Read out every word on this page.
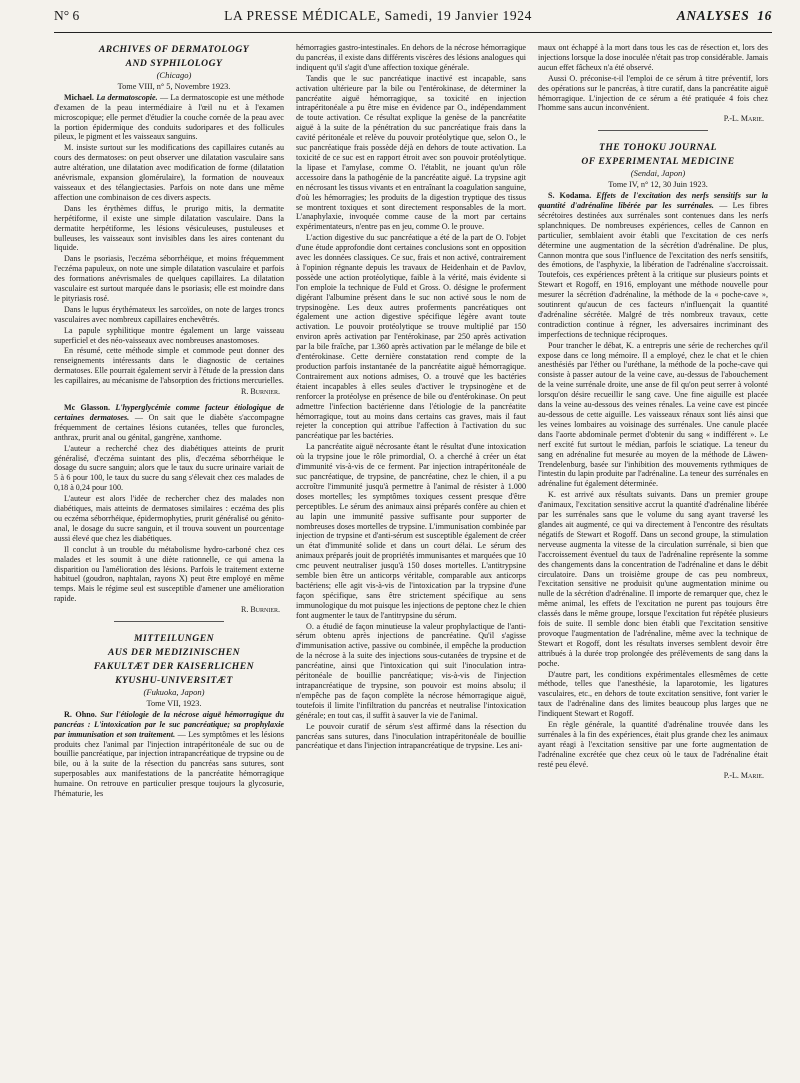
N° 6	LA PRESSE MÉDICALE, Samedi, 19 Janvier 1924	ANALYSES 16

ARCHIVES OF DERMATOLOGY

AND SYPHILOLOGY

(Chicago)

Tome VIII, n° 5, Novembre 1923.

Michael. La dermatoscopie. — La dermatoscopie est une méthode d'examen de la peau intermédiaire à l'œil nu et à l'examen microscopique; elle permet d'étudier la couche cornée de la peau avec la portion épidermique des conduits sudoripares et des follicules pileux, le pigment et les vaisseaux sanguins.

M. insiste surtout sur les modifications des capillaires cutanés au cours des dermatoses: on peut observer une dilatation vasculaire sans autre altération, une dilatation avec modification de forme (dilatation anévrismale, expansion glomérulaire), la formation de nouveaux vaisseaux et des télangiectasies. Parfois on note dans une même affection une combinaison de ces divers aspects.

Dans les érythèmes diffus, le prurigo mitis, la dermatite herpétiforme, il existe une simple dilatation vasculaire. Dans la dermatite herpétiforme, les lésions vésiculeuses, pustuleuses et bulleuses, les vaisseaux sont invisibles dans les aires contenant du liquide.

Dans le psoriasis, l'eczéma séborrhéique, et moins fréquemment l'eczéma papuleux, on note une simple dilatation vasculaire et parfois des formations anévrismales de quelques capillaires. La dilatation vasculaire est surtout marquée dans le psoriasis; elle est moindre dans le pityriasis rosé.

Dans le lupus érythémateux les sarcoïdes, on note de larges troncs vasculaires avec nombreux capillaires enchevêtrés.

La papule syphilitique montre également un large vaisseau superficiel et des néo-vaisseaux avec nombreuses anastomoses.

En résumé, cette méthode simple et commode peut donner des renseignements intéressants dans le diagnostic de certaines dermatoses. Elle pourrait également servir à l'étude de la pression dans les capillaires, au mécanisme de l'absorption des frictions mercurielles.

R. Burnier.

Mc Glasson. L'hyperglycémie comme facteur étiologique de certaines dermatoses. — On sait que le diabète s'accompagne fréquemment de certaines lésions cutanées, telles que furoncles, anthrax, prurit anal ou génital, gangrène, xanthome.

L'auteur a recherché chez des diabétiques atteints de prurit généralisé, d'eczéma suintant des plis, d'eczéma séborrhéique le dosage du sucre sanguin; alors que le taux du sucre urinaire variait de 5 à 6 pour 100, le taux du sucre du sang s'élevait chez ces malades de 0,18 à 0,24 pour 100.

L'auteur est alors l'idée de rechercher chez des malades non diabétiques, mais atteints de dermatoses similaires : eczéma des plis ou eczéma séborrhéique, épidermophyties, prurit généralisé ou génito-anal, le dosage du sucre sanguin, et il trouva souvent un pourcentage aussi élevé que chez les diabétiques.

Il conclut à un trouble du métabolisme hydro-carboné chez ces malades et les soumit à une diète rationnelle, ce qui amena la disparition ou l'amélioration des lésions. Parfois le traitement externe habituel (goudron, naphtalan, rayons X) peut être employé en même temps. Mais le régime seul est susceptible d'amener une amélioration rapide.

R. Burnier.

MITTEILUNGEN

AUS DER MEDIZINISCHEN

FAKULTÆT DER KAISERLICHEN

KYUSHU-UNIVERSITÆT

(Fukuoka, Japon)

Tome VII, 1923.

R. Ohno. Sur l'étiologie de la nécrose aiguë hémorragique du pancréas : L'intoxication par le suc pancréatique; sa prophylaxie par immunisation et son traitement. — Les symptômes et les lésions produits chez l'animal par l'injection intrapéritonéale de suc ou de bouillie pancréatique, par injection intrapancréatique de trypsine ou de bile, ou à la suite de la résection du pancréas sans sutures, sont superposables aux manifestations de la pancréatite hémorragique humaine. On retrouve en particulier presque toujours la glycosurie, l'hématurie, les

hémorragies gastro-intestinales. En dehors de la nécrose hémorragique du pancréas, il existe dans différents viscères des lésions analogues qui indiquent qu'il s'agit d'une affection toxique générale.

Tandis que le suc pancréatique inactivé est incapable, sans activation ultérieure par la bile ou l'entérokinase, de déterminer la pancréatite aiguë hémorragique, sa toxicité en injection intrapéritonéale a pu être mise en évidence par O., indépendamment de toute activation. Ce résultat explique la genèse de la pancréatite aiguë à la suite de la pénétration du suc pancréatique frais dans la cavité péritonéale et relève du pouvoir protéolytique que, selon O., le suc pancréatique frais possède déjà en dehors de toute activation. La toxicité de ce suc est en rapport étroit avec son pouvoir protéolytique. la lipase et l'amylase, comme O. l'établit, ne jouant qu'un rôle accessoire dans la pathogénie de la pancréatite aiguë. La trypsine agit en nécrosant les tissus vivants et en entraînant la coagulation sanguine, d'où les hémorragies; les produits de la digestion tryptique des tissus se montrent toxiques et sont directement responsables de la mort. L'anaphylaxie, invoquée comme cause de la mort par certains expérimentateurs, n'entre pas en jeu, comme O. le prouve.

L'action digestive du suc pancréatique a été de la part de O. l'objet d'une étude approfondie dont certaines conclusions sont en opposition avec les données classiques. Ce suc, frais et non activé, contrairement à l'opinion régnante depuis les travaux de Heidenhain et de Pavlov, possède une action protéolytique, faible à la vérité, mais évidente si l'on emploie la technique de Fuld et Gross. O. désigne le proferment digérant l'albumine présent dans le suc non activé sous le nom de trypsinogène. Les deux autres proferments pancréatiques ont également une action digestive spécifique légère avant toute activation. Le pouvoir protéolytique se trouve multiplié par 150 environ après activation par l'entérokinase, par 250 après activation par la bile fraîche, par 1.360 après activation par le mélange de bile et d'entérokinase. Cette dernière constatation rend compte de la production parfois instantanée de la pancréatite aiguë hémorragique. Contrairement aux notions admises, O. a trouvé que les bactéries étaient incapables à elles seules d'activer le trypsinogène et de renforcer la protéolyse en présence de bile ou d'entérokinase. On peut admettre l'infection bactérienne dans l'étiologie de la pancréatite hémorragique, tout au moins dans certains cas graves, mais il faut rejeter la conception qui attribue l'affection à l'activation du suc pancréatique par les bactéries.

La pancréatite aiguë nécrosante étant le résultat d'une intoxication où la trypsine joue le rôle primordial, O. a cherché à créer un état d'immunité vis-à-vis de ce ferment. Par injection intrapéritonéale de suc pancréatique, de trypsine, de pancréatine, chez le chien, il a pu accroître l'immunité jusqu'à permettre à l'animal de résister à 1.000 doses mortelles; les symptômes toxiques cessent presque d'être perceptibles. Le sérum des animaux ainsi préparés confère au chien et au lapin une immunité passive suffisante pour supporter de nombreuses doses mortelles de trypsine. L'immunisation combinée par injection de trypsine et d'anti-sérum est susceptible également de créer un état d'immunité solide et dans un court délai. Le sérum des animaux préparés jouit de propriétés immunisantes et marquées que 10 cmc peuvent neutraliser jusqu'à 150 doses mortelles. L'antitrypsine semble bien être un anticorps véritable, comparable aux anticorps bactériens; elle agit vis-à-vis de l'intoxication par la trypsine d'une façon spécifique, sans être strictement spécifique au sens immunologique du mot puisque les injections de peptone chez le chien font augmenter le taux de l'antitrypsine du sérum.

O. a étudié de façon minutieuse la valeur prophylactique de l'anti-sérum obtenu après injections de pancréatine. Qu'il s'agisse d'immunisation active, passive ou combinée, il empêche la production de la nécrose à la suite des injections sous-cutanées de trypsine et de pancréatine, ainsi que l'intoxication qui suit l'inoculation intra-péritonéale de bouillie pancréatique; vis-à-vis de l'injection intrapancréatique de trypsine, son pouvoir est moins absolu; il n'empêche pas de façon complète la nécrose hémorragique aiguë, toutefois il limite l'infiltration du pancréas et neutralise l'intoxication générale; en tout cas, il suffit à sauver la vie de l'animal.

Le pouvoir curatif de sérum s'est affirmé dans la résection du pancréas sans sutures, dans l'inoculation intrapéritonéale de bouillie pancréatique et dans l'injection intrapancréatique de trypsine. Les ani-

maux ont échappé à la mort dans tous les cas de résection et, lors des injections lorsque la dose inoculée n'était pas trop considérable. Jamais aucun effet fâcheux n'a été observé.

Aussi O. préconise-t-il l'emploi de ce sérum à titre préventif, lors des opérations sur le pancréas, à titre curatif, dans la pancréatite aiguë hémorragique. L'injection de ce sérum a été pratiquée 4 fois chez l'homme sans aucun inconvénient.

P.-L. Marie.

THE TOHOKU JOURNAL

OF EXPERIMENTAL MEDICINE

(Sendai, Japon)

Tome IV, n° 12, 30 Juin 1923.

S. Kodama. Effets de l'excitation des nerfs sensitifs sur la quantité d'adrénaline libérée par les surrénales. — Les fibres sécrétoires destinées aux surrénales sont contenues dans les nerfs splanchniques. De nombreuses expériences, celles de Cannon en particulier, semblaient avoir établi que l'excitation de ces nerfs détermine une augmentation de la sécrétion d'adrénaline. De plus, Cannon montra que sous l'influence de l'excitation des nerfs sensitifs, des émotions, de l'asphyxie, la libération de l'adrénaline s'accroissait. Toutefois, ces expériences prêtent à la critique sur plusieurs points et Stewart et Rogoff, en 1916, employant une méthode nouvelle pour mesurer la sécrétion d'adrénaline, la méthode de la « poche-cave », soutinrent qu'aucun de ces facteurs n'influençait la quantité d'adrénaline sécrétée. Malgré de très nombreux travaux, cette contradiction continue à régner, les adversaires incriminant des imperfections de technique réciproques.

Pour trancher le débat, K. a entrepris une série de recherches qu'il expose dans ce long mémoire. Il a employé, chez le chat et le chien anesthésiés par l'éther ou l'uréthane, la méthode de la poche-cave qui consiste à passer autour de la veine cave, au-dessus de l'abouchement de la veine surrénale droite, une anse de fil qu'on peut serrer à volonté lorsqu'on désire recueillir le sang cave. Une fine aiguille est placée dans la veine au-dessous des veines rénales. La veine cave est pincée au-dessous de cette aiguille. Les vaisseaux rénaux sont liés ainsi que les veines lombaires au voisinage des surrénales. Une canule placée dans l'aorte abdominale permet d'obtenir du sang « indifférent ». Le nerf excité fut surtout le médian, parfois le sciatique. La teneur du sang en adrénaline fut mesurée au moyen de la méthode de Läwen-Trendelenburg, basée sur l'inhibition des mouvements rythmiques de l'intestin du lapin produite par l'adrénaline. La teneur des surrénales en adrénaline fut également déterminée.

K. est arrivé aux résultats suivants. Dans un premier groupe d'animaux, l'excitation sensitive accrut la quantité d'adrénaline libérée par les surrénales sans que le volume du sang ayant traversé les glandes ait augmenté, ce qui va directement à l'encontre des résultats négatifs de Stewart et Rogoff. Dans un second groupe, la stimulation nerveuse augmenta la vitesse de la circulation surrénale, si bien que l'accroissement éventuel du taux de l'adrénaline représente la somme des changements dans la concentration de l'adrénaline et dans le débit circulatoire. Dans un troisième groupe de cas peu nombreux, l'excitation sensitive ne produisit qu'une augmentation minime ou nulle de la sécrétion d'adrénaline. Il importe de remarquer que, chez le même animal, les effets de l'excitation ne purent pas toujours être classés dans le même groupe, lorsque l'excitation fut répétée plusieurs fois de suite. Il semble donc bien établi que l'excitation sensitive provoque l'augmentation de l'adrénaline, même avec la technique de Stewart et Rogoff, dont les résultats inverses semblent devoir être attribués à la durée trop prolongée des prélèvements de sang dans la poche.

D'autre part, les conditions expérimentales ellesmêmes de cette méthode, telles que l'anesthésie, la laparotomie, les ligatures vasculaires, etc., en dehors de toute excitation sensitive, font varier le taux de l'adrénaline dans des limites beaucoup plus larges que ne l'indiquent Stewart et Rogoff.

En règle générale, la quantité d'adrénaline trouvée dans les surrénales à la fin des expériences, était plus grande chez les animaux ayant réagi à l'excitation sensitive par une forte augmentation de l'adrénaline excrétée que chez ceux où le taux de l'adrénaline était resté peu élevé.

P.-L. Marie.
